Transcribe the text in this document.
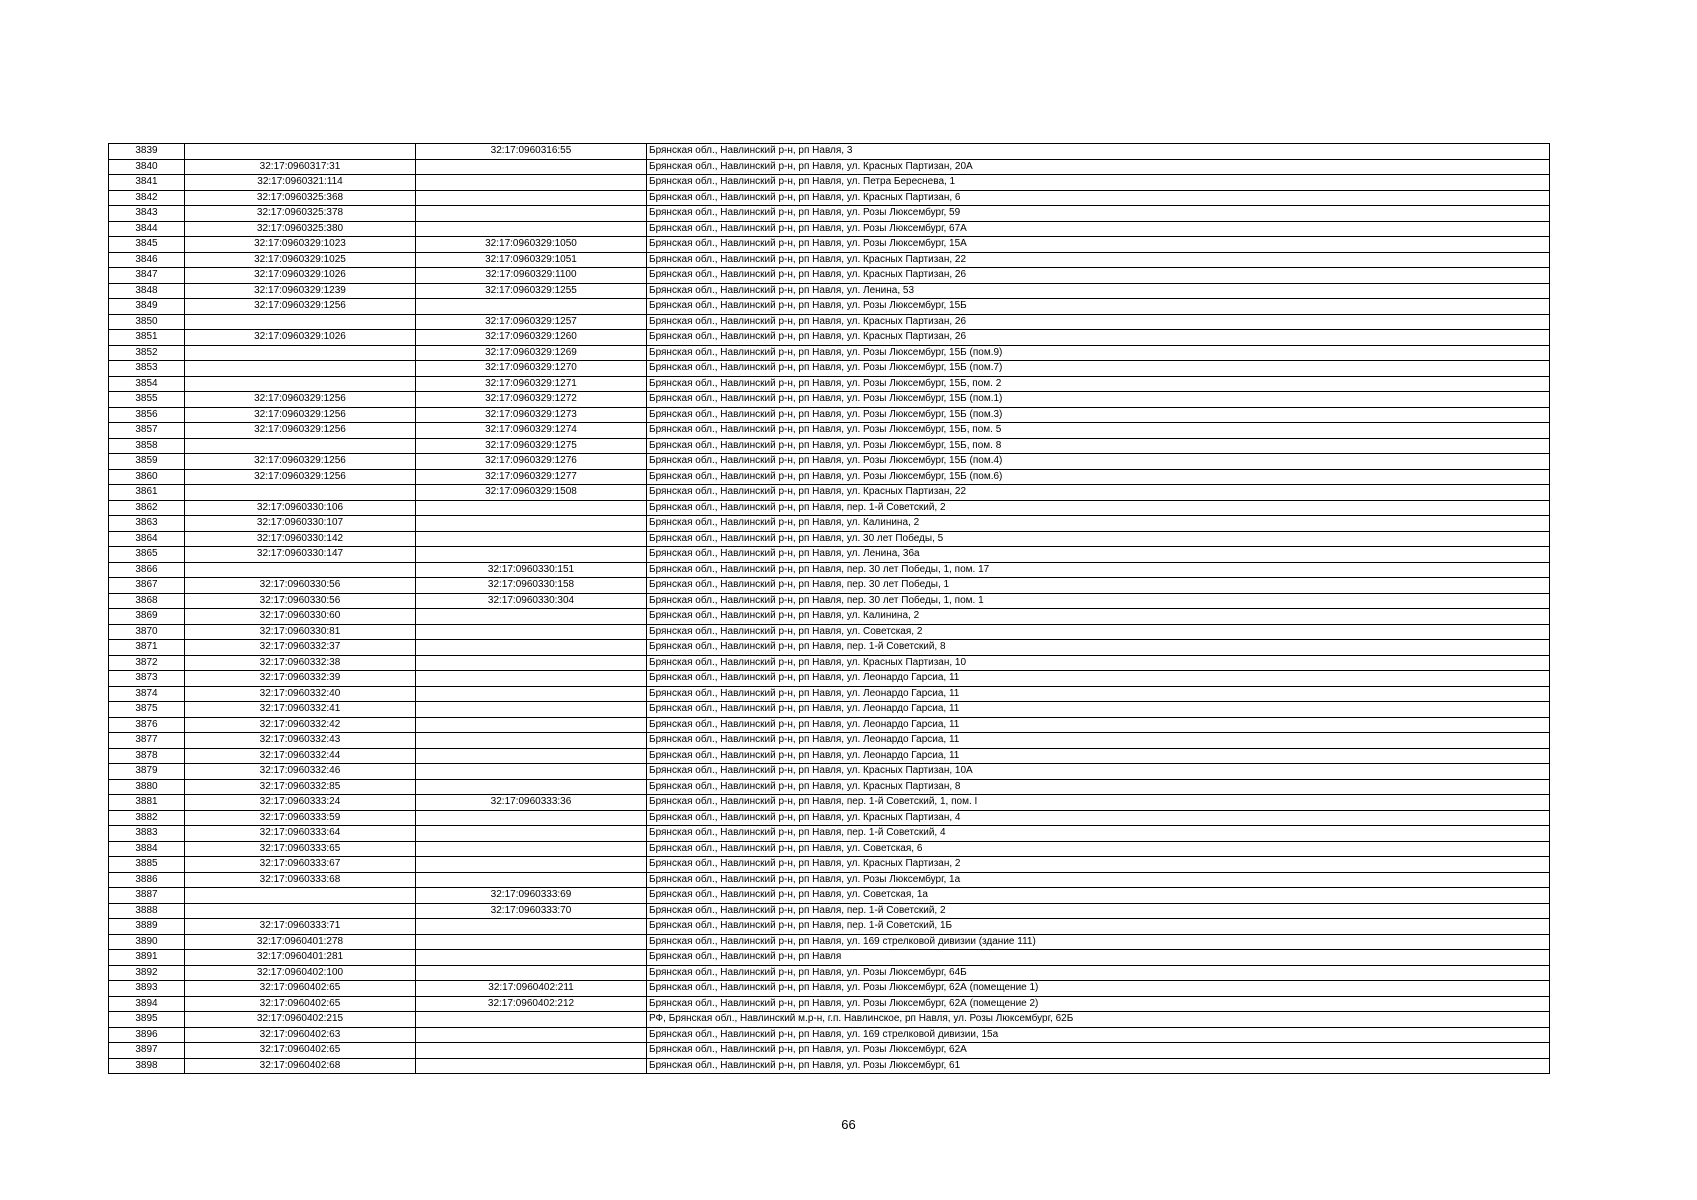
3839		32:17:0960316:55	Брянская обл., Навлинский р-н, рп Навля, 3
3840	32:17:0960317:31		Брянская обл., Навлинский р-н, рп Навля, ул. Красных Партизан, 20А
3841	32:17:0960321:114		Брянская обл., Навлинский р-н, рп Навля, ул. Петра Береснева, 1
3842	32:17:0960325:368		Брянская обл., Навлинский р-н, рп Навля, ул. Красных Партизан, 6
3843	32:17:0960325:378		Брянская обл., Навлинский р-н, рп Навля, ул. Розы Люксембург, 59
3844	32:17:0960325:380		Брянская обл., Навлинский р-н, рп Навля, ул. Розы Люксембург, 67А
3845	32:17:0960329:1023	32:17:0960329:1050	Брянская обл., Навлинский р-н, рп Навля, ул. Розы Люксембург, 15А
3846	32:17:0960329:1025	32:17:0960329:1051	Брянская обл., Навлинский р-н, рп Навля, ул. Красных Партизан, 22
3847	32:17:0960329:1026	32:17:0960329:1100	Брянская обл., Навлинский р-н, рп Навля, ул. Красных Партизан, 26
3848	32:17:0960329:1239	32:17:0960329:1255	Брянская обл., Навлинский р-н, рп Навля, ул. Ленина, 53
3849	32:17:0960329:1256		Брянская обл., Навлинский р-н, рп Навля, ул. Розы Люксембург, 15Б
3850		32:17:0960329:1257	Брянская обл., Навлинский р-н, рп Навля, ул. Красных Партизан, 26
3851	32:17:0960329:1026	32:17:0960329:1260	Брянская обл., Навлинский р-н, рп Навля, ул. Красных Партизан, 26
3852		32:17:0960329:1269	Брянская обл., Навлинский р-н, рп Навля, ул. Розы Люксембург, 15Б (пом.9)
3853		32:17:0960329:1270	Брянская обл., Навлинский р-н, рп Навля, ул. Розы Люксембург, 15Б (пом.7)
3854		32:17:0960329:1271	Брянская обл., Навлинский р-н, рп Навля, ул. Розы Люксембург, 15Б, пом. 2
3855	32:17:0960329:1256	32:17:0960329:1272	Брянская обл., Навлинский р-н, рп Навля, ул. Розы Люксембург, 15Б (пом.1)
3856	32:17:0960329:1256	32:17:0960329:1273	Брянская обл., Навлинский р-н, рп Навля, ул. Розы Люксембург, 15Б (пом.3)
3857	32:17:0960329:1256	32:17:0960329:1274	Брянская обл., Навлинский р-н, рп Навля, ул. Розы Люксембург, 15Б, пом. 5
3858		32:17:0960329:1275	Брянская обл., Навлинский р-н, рп Навля, ул. Розы Люксембург, 15Б, пом. 8
3859	32:17:0960329:1256	32:17:0960329:1276	Брянская обл., Навлинский р-н, рп Навля, ул. Розы Люксембург, 15Б (пом.4)
3860	32:17:0960329:1256	32:17:0960329:1277	Брянская обл., Навлинский р-н, рп Навля, ул. Розы Люксембург, 15Б (пом.6)
3861		32:17:0960329:1508	Брянская обл., Навлинский р-н, рп Навля, ул. Красных Партизан, 22
3862	32:17:0960330:106		Брянская обл., Навлинский р-н, рп Навля, пер. 1-й Советский, 2
3863	32:17:0960330:107		Брянская обл., Навлинский р-н, рп Навля, ул. Калинина, 2
3864	32:17:0960330:142		Брянская обл., Навлинский р-н, рп Навля, ул. 30 лет Победы, 5
3865	32:17:0960330:147		Брянская обл., Навлинский р-н, рп Навля, ул. Ленина, 36а
3866		32:17:0960330:151	Брянская обл., Навлинский р-н, рп Навля, пер. 30 лет Победы, 1, пом. 17
3867	32:17:0960330:56	32:17:0960330:158	Брянская обл., Навлинский р-н, рп Навля, пер. 30 лет Победы, 1
3868	32:17:0960330:56	32:17:0960330:304	Брянская обл., Навлинский р-н, рп Навля, пер. 30 лет Победы, 1, пом. 1
3869	32:17:0960330:60		Брянская обл., Навлинский р-н, рп Навля, ул. Калинина, 2
3870	32:17:0960330:81		Брянская обл., Навлинский р-н, рп Навля, ул. Советская, 2
3871	32:17:0960332:37		Брянская обл., Навлинский р-н, рп Навля, пер. 1-й Советский, 8
3872	32:17:0960332:38		Брянская обл., Навлинский р-н, рп Навля, ул. Красных Партизан, 10
3873	32:17:0960332:39		Брянская обл., Навлинский р-н, рп Навля, ул. Леонардо Гарсиа, 11
3874	32:17:0960332:40		Брянская обл., Навлинский р-н, рп Навля, ул. Леонардо Гарсиа, 11
3875	32:17:0960332:41		Брянская обл., Навлинский р-н, рп Навля, ул. Леонардо Гарсиа, 11
3876	32:17:0960332:42		Брянская обл., Навлинский р-н, рп Навля, ул. Леонардо Гарсиа, 11
3877	32:17:0960332:43		Брянская обл., Навлинский р-н, рп Навля, ул. Леонардо Гарсиа, 11
3878	32:17:0960332:44		Брянская обл., Навлинский р-н, рп Навля, ул. Леонардо Гарсиа, 11
3879	32:17:0960332:46		Брянская обл., Навлинский р-н, рп Навля, ул. Красных Партизан, 10А
3880	32:17:0960332:85		Брянская обл., Навлинский р-н, рп Навля, ул. Красных Партизан, 8
3881	32:17:0960333:24	32:17:0960333:36	Брянская обл., Навлинский р-н, рп Навля, пер. 1-й Советский, 1, пом. I
3882	32:17:0960333:59		Брянская обл., Навлинский р-н, рп Навля, ул. Красных Партизан, 4
3883	32:17:0960333:64		Брянская обл., Навлинский р-н, рп Навля, пер. 1-й Советский, 4
3884	32:17:0960333:65		Брянская обл., Навлинский р-н, рп Навля, ул. Советская, 6
3885	32:17:0960333:67		Брянская обл., Навлинский р-н, рп Навля, ул. Красных Партизан, 2
3886	32:17:0960333:68		Брянская обл., Навлинский р-н, рп Навля, ул. Розы Люксембург, 1а
3887		32:17:0960333:69	Брянская обл., Навлинский р-н, рп Навля, ул. Советская, 1а
3888		32:17:0960333:70	Брянская обл., Навлинский р-н, рп Навля, пер. 1-й Советский, 2
3889	32:17:0960333:71		Брянская обл., Навлинский р-н, рп Навля, пер. 1-й Советский, 1Б
3890	32:17:0960401:278		Брянская обл., Навлинский р-н, рп Навля, ул. 169 стрелковой дивизии (здание 111)
3891	32:17:0960401:281		Брянская обл., Навлинский р-н, рп Навля
3892	32:17:0960402:100		Брянская обл., Навлинский р-н, рп Навля, ул. Розы Люксембург, 64Б
3893	32:17:0960402:65	32:17:0960402:211	Брянская обл., Навлинский р-н, рп Навля, ул. Розы Люксембург, 62А (помещение 1)
3894	32:17:0960402:65	32:17:0960402:212	Брянская обл., Навлинский р-н, рп Навля, ул. Розы Люксембург, 62А (помещение 2)
3895	32:17:0960402:215		РФ, Брянская обл., Навлинский м.р-н, г.п. Навлинское, рп Навля, ул. Розы Люксембург, 62Б
3896	32:17:0960402:63		Брянская обл., Навлинский р-н, рп Навля, ул. 169 стрелковой дивизии, 15а
3897	32:17:0960402:65		Брянская обл., Навлинский р-н, рп Навля, ул. Розы Люксембург, 62А
3898	32:17:0960402:68		Брянская обл., Навлинский р-н, рп Навля, ул. Розы Люксембург, 61
66
